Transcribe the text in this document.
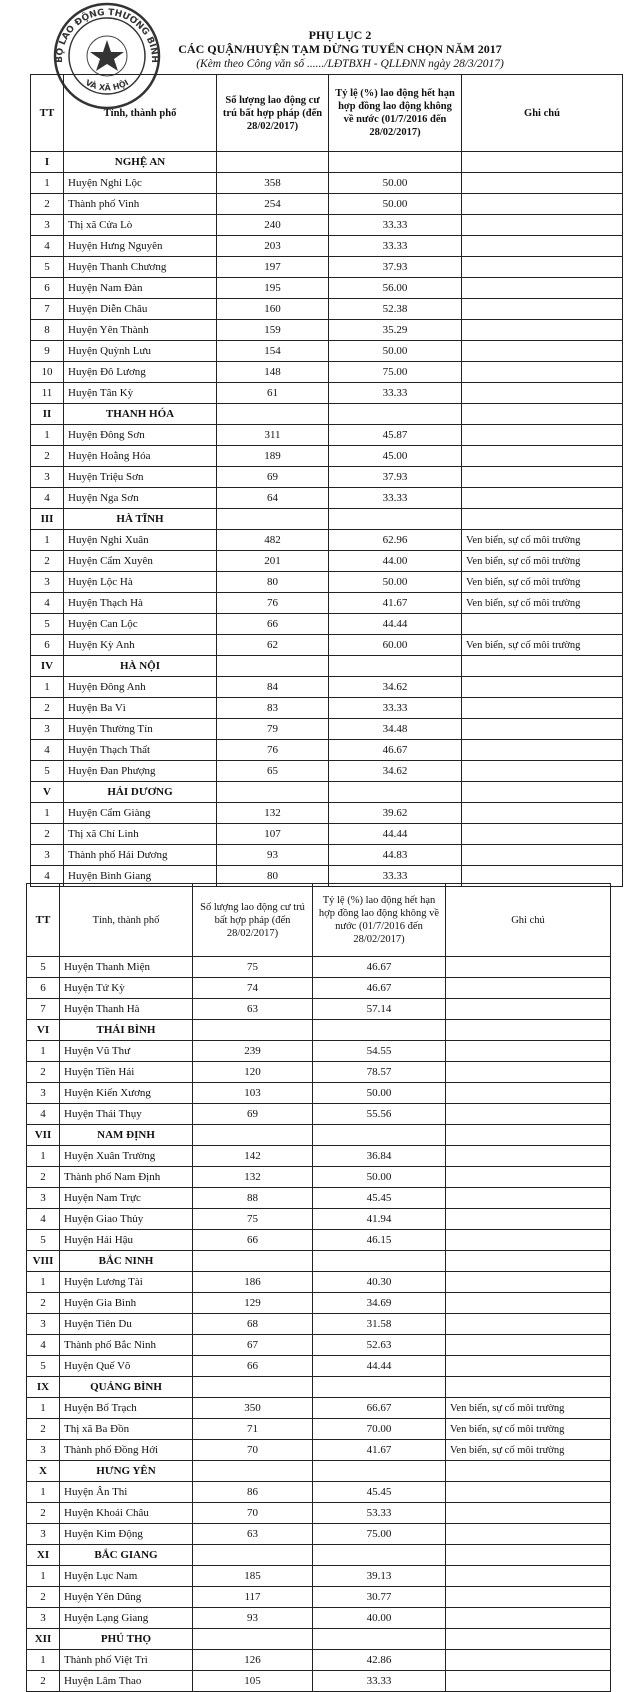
BỘ LAO ĐỘNG THƯƠNG BINH
VÀ XÃ HỘI
PHỤ LỤC 2
CÁC QUẬN/HUYỆN TẠM DỪNG TUYỂN CHỌN NĂM 2017
(Kèm theo Công văn số ....../LĐTBXH - QLLĐNN ngày 28/3/2017)
TT	Tỉnh, thành phố	Số lượng lao động cư trú bất hợp pháp (đến 28/02/2017)	Tỷ lệ (%) lao động hết hạn hợp đồng lao động không về nước (01/7/2016 đến 28/02/2017)	Ghi chú
I	NGHỆ AN			
1	Huyện Nghi Lộc	358	50.00	
2	Thành phố Vinh	254	50.00	
3	Thị xã Cửa Lò	240	33.33	
4	Huyện Hưng Nguyên	203	33.33	
5	Huyện Thanh Chương	197	37.93	
6	Huyện Nam Đàn	195	56.00	
7	Huyện Diễn Châu	160	52.38	
8	Huyện Yên Thành	159	35.29	
9	Huyện Quỳnh Lưu	154	50.00	
10	Huyện Đô Lương	148	75.00	
11	Huyện Tân Kỳ	61	33.33	
II	THANH HÓA			
1	Huyện Đông Sơn	311	45.87	
2	Huyện Hoằng Hóa	189	45.00	
3	Huyện Triệu Sơn	69	37.93	
4	Huyện Nga Sơn	64	33.33	
III	HÀ TĨNH			
1	Huyện Nghi Xuân	482	62.96	Ven biển, sự cố môi trường
2	Huyện Cẩm Xuyên	201	44.00	Ven biển, sự cố môi trường
3	Huyện Lộc Hà	80	50.00	Ven biển, sự cố môi trường
4	Huyện Thạch Hà	76	41.67	Ven biển, sự cố môi trường
5	Huyện Can Lộc	66	44.44	
6	Huyện Kỳ Anh	62	60.00	Ven biển, sự cố môi trường
IV	HÀ NỘI			
1	Huyện Đông Anh	84	34.62	
2	Huyện Ba Vì	83	33.33	
3	Huyện Thường Tín	79	34.48	
4	Huyện Thạch Thất	76	46.67	
5	Huyện Đan Phượng	65	34.62	
V	HẢI DƯƠNG			
1	Huyện Cẩm Giàng	132	39.62	
2	Thị xã Chí Linh	107	44.44	
3	Thành phố Hải Dương	93	44.83	
4	Huyện Bình Giang	80	33.33	
TT	Tỉnh, thành phố	Số lượng lao động cư trú bất hợp pháp (đến 28/02/2017)	Tỷ lệ (%) lao động hết hạn hợp đồng lao động không về nước (01/7/2016 đến 28/02/2017)	Ghi chú
5	Huyện Thanh Miện	75	46.67	
6	Huyện Tứ Kỳ	74	46.67	
7	Huyện Thanh Hà	63	57.14	
VI	THÁI BÌNH			
1	Huyện Vũ Thư	239	54.55	
2	Huyện Tiền Hải	120	78.57	
3	Huyện Kiến Xương	103	50.00	
4	Huyện Thái Thụy	69	55.56	
VII	NAM ĐỊNH			
1	Huyện Xuân Trường	142	36.84	
2	Thành phố Nam Định	132	50.00	
3	Huyện Nam Trực	88	45.45	
4	Huyện Giao Thủy	75	41.94	
5	Huyện Hải Hậu	66	46.15	
VIII	BẮC NINH			
1	Huyện Lương Tài	186	40.30	
2	Huyện Gia Bình	129	34.69	
3	Huyện Tiên Du	68	31.58	
4	Thành phố Bắc Ninh	67	52.63	
5	Huyện Quế Võ	66	44.44	
IX	QUẢNG BÌNH			
1	Huyện Bố Trạch	350	66.67	Ven biển, sự cố môi trường
2	Thị xã Ba Đồn	71	70.00	Ven biển, sự cố môi trường
3	Thành phố Đồng Hới	70	41.67	Ven biển, sự cố môi trường
X	HƯNG YÊN			
1	Huyện Ân Thi	86	45.45	
2	Huyện Khoái Châu	70	53.33	
3	Huyện Kim Động	63	75.00	
XI	BẮC GIANG			
1	Huyện Lục Nam	185	39.13	
2	Huyện Yên Dũng	117	30.77	
3	Huyện Lạng Giang	93	40.00	
XII	PHÚ THỌ			
1	Thành phố Việt Trì	126	42.86	
2	Huyện Lâm Thao	105	33.33	
